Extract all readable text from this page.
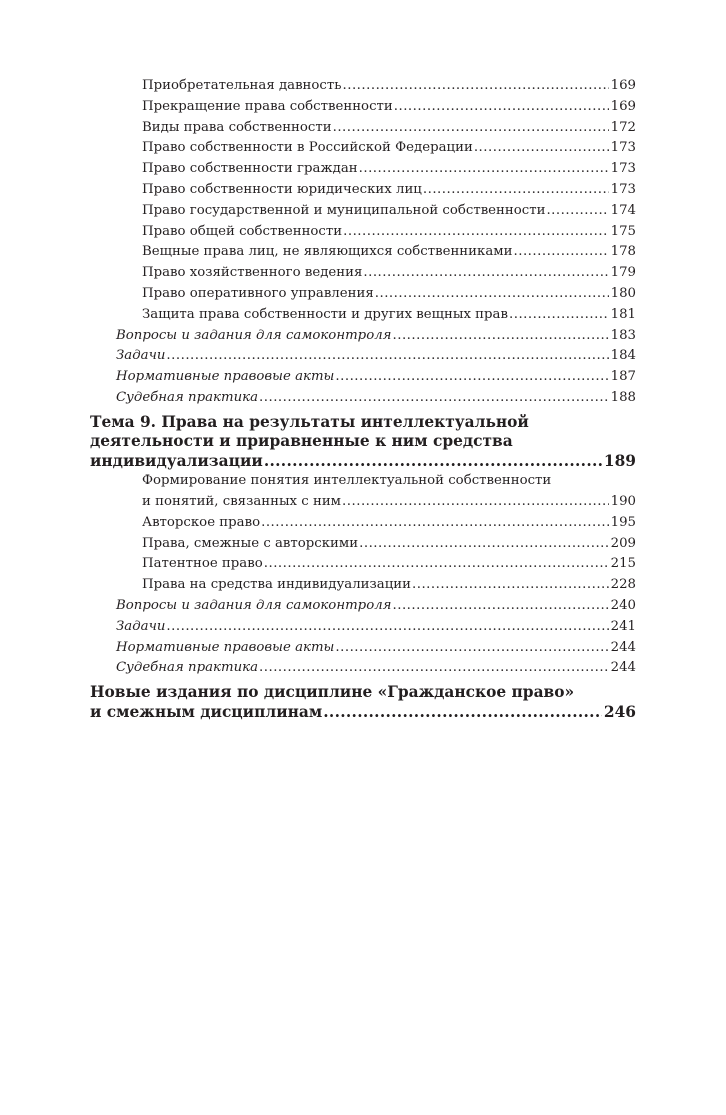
Приобретательная давность .....	169
Прекращение права собственности .....	169
Виды права собственности .....	172
Право собственности в Российской Федерации .....	173
Право собственности граждан .....	173
Право собственности юридических лиц .....	173
Право государственной и муниципальной собственности .....	174
Право общей собственности .....	175
Вещные права лиц, не являющихся собственниками .....	178
Право хозяйственного ведения .....	179
Право оперативного управления .....	180
Защита права собственности и других вещных прав .....	181
Вопросы и задания для самоконтроля .....	183
Задачи .....	184
Нормативные правовые акты .....	187
Судебная практика .....	188
Тема 9. Права на результаты интеллектуальной
деятельности и приравненные к ним средства
индивидуализации .....	189
Формирование понятия интеллектуальной собственности
и понятий, связанных с ним .....	190
Авторское право .....	195
Права, смежные с авторскими .....	209
Патентное право .....	215
Права на средства индивидуализации .....	228
Вопросы и задания для самоконтроля .....	240
Задачи .....	241
Нормативные правовые акты .....	244
Судебная практика .....	244
Новые издания по дисциплине «Гражданское право»
и смежным дисциплинам .....	246
